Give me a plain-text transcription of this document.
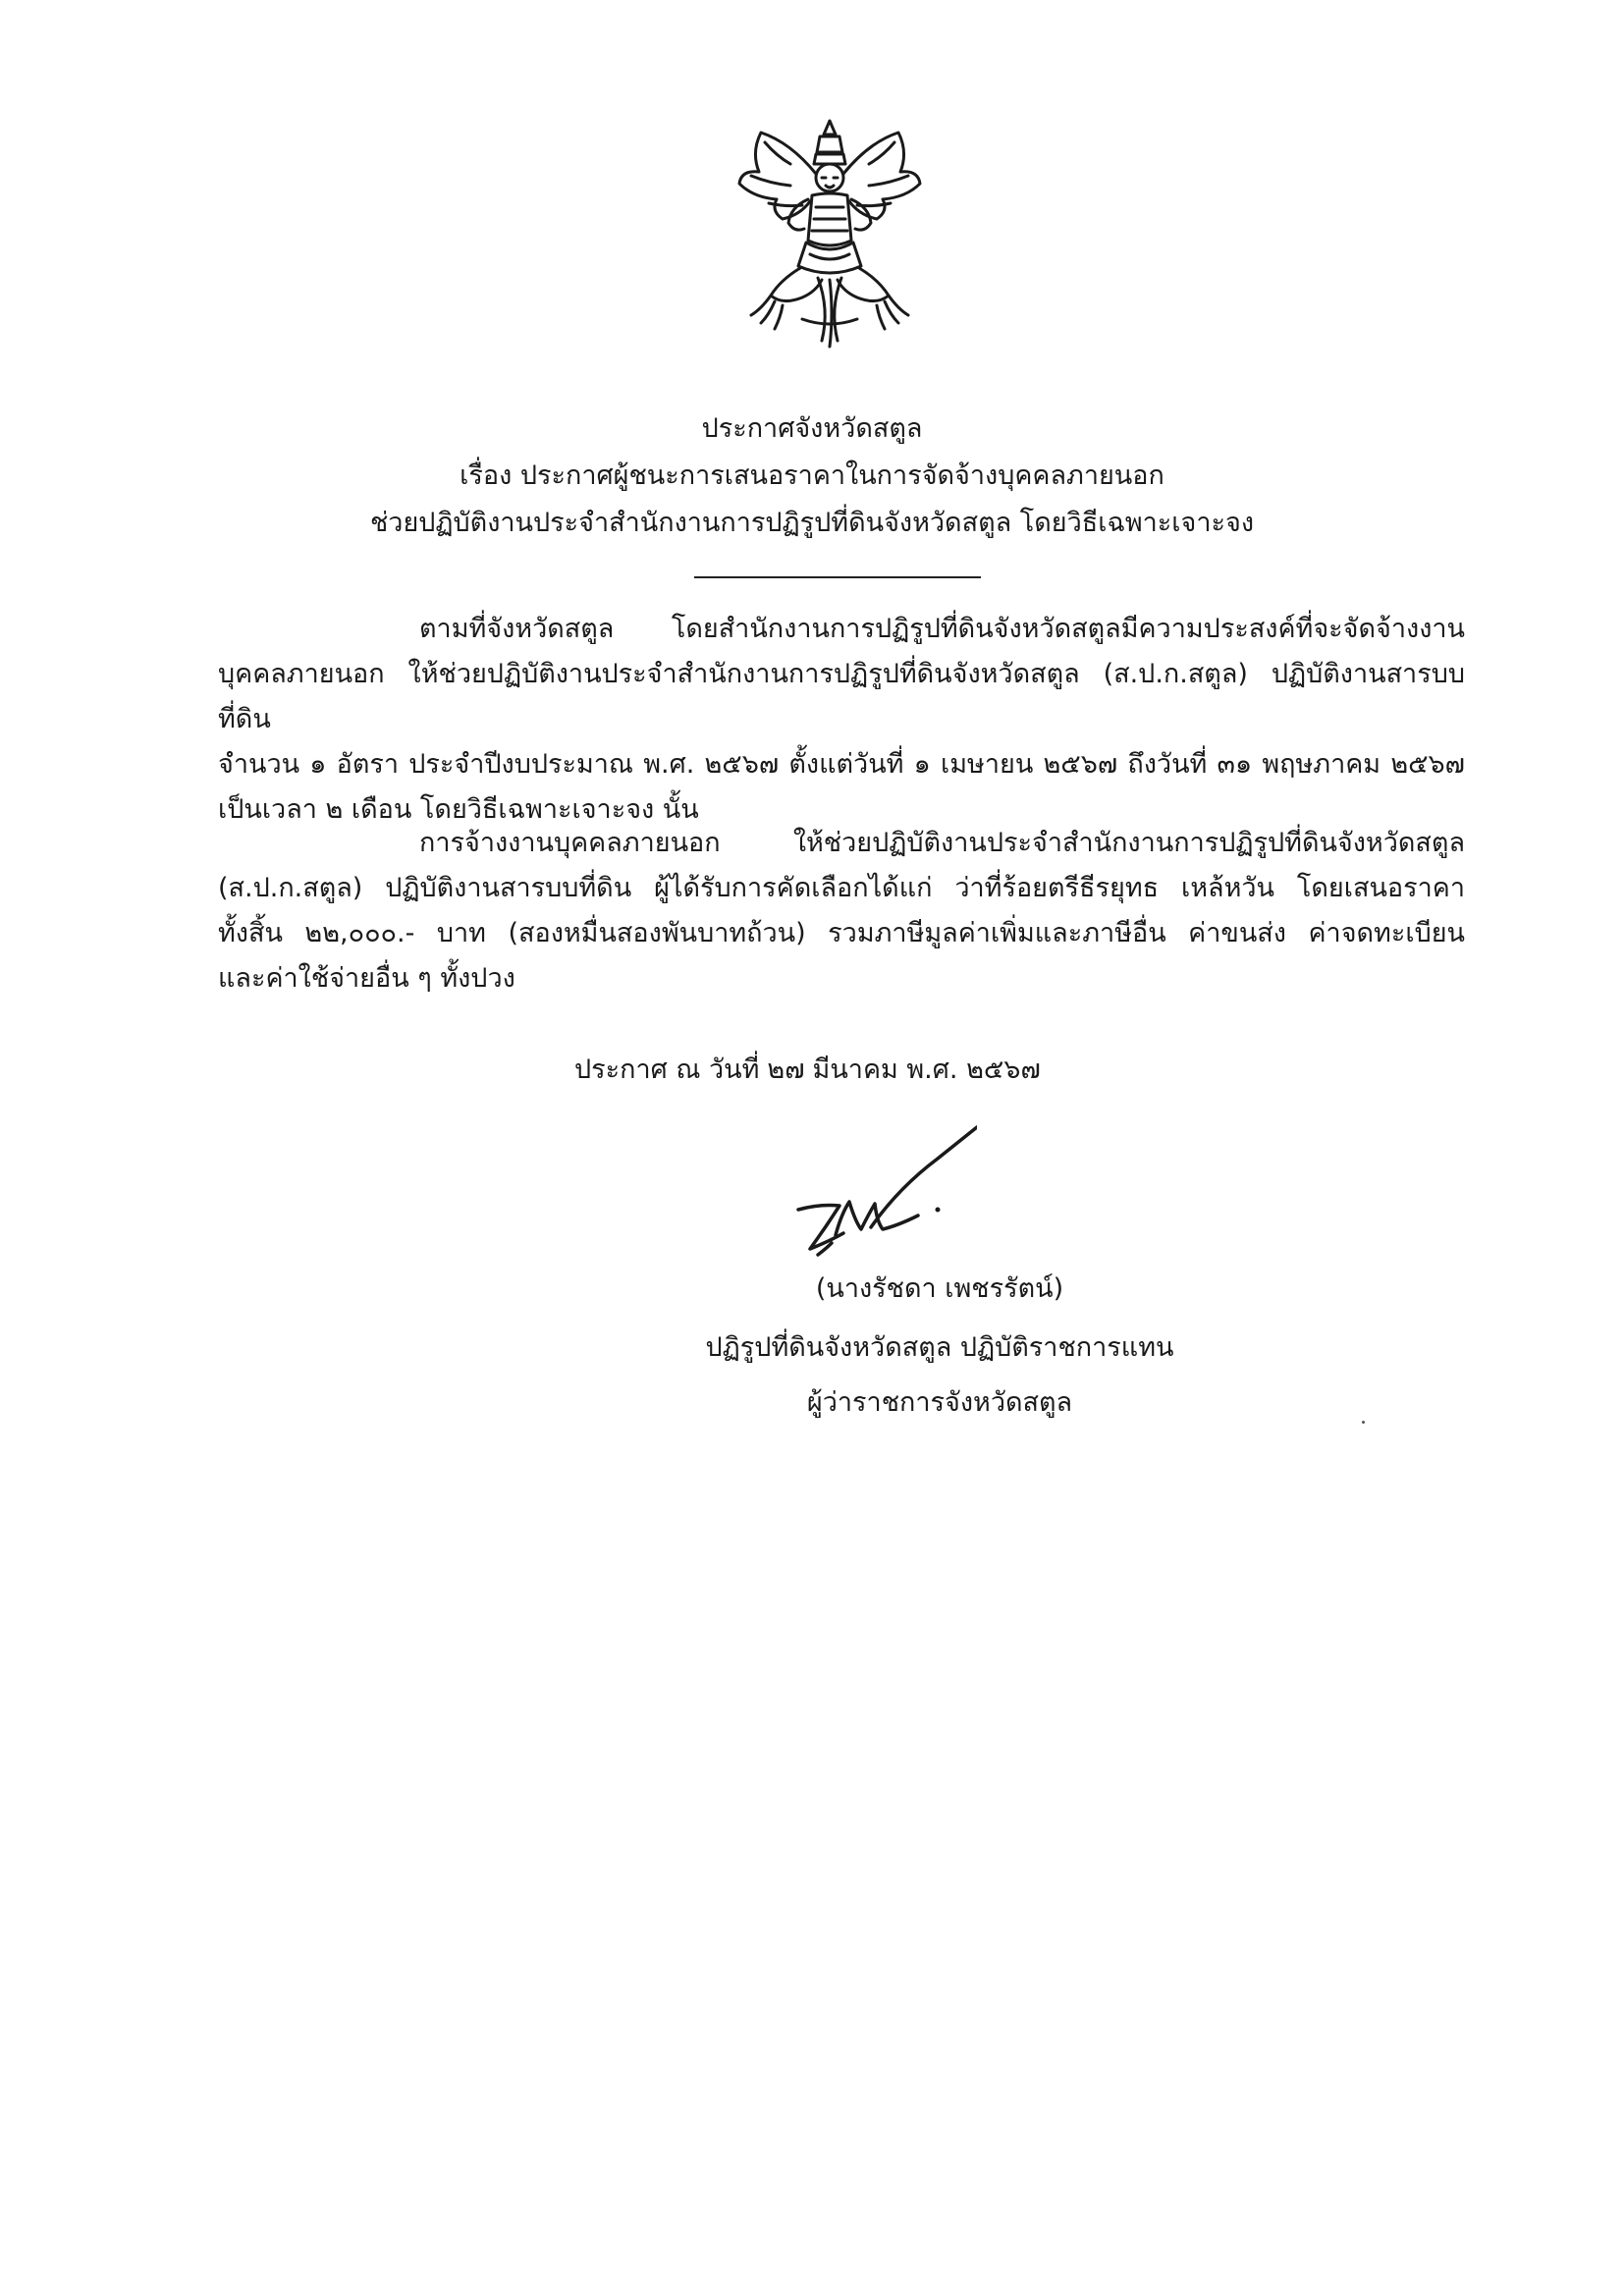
ประกาศจังหวัดสตูล
เรื่อง ประกาศผู้ชนะการเสนอราคาในการจัดจ้างบุคคลภายนอก
ช่วยปฏิบัติงานประจำสำนักงานการปฏิรูปที่ดินจังหวัดสตูล โดยวิธีเฉพาะเจาะจง
ตามที่จังหวัดสตูล โดยสำนักงานการปฏิรูปที่ดินจังหวัดสตูลมีความประสงค์ที่จะจัดจ้างงาน
บุคคลภายนอก ให้ช่วยปฏิบัติงานประจำสำนักงานการปฏิรูปที่ดินจังหวัดสตูล (ส.ป.ก.สตูล) ปฏิบัติงานสารบบที่ดิน
จำนวน ๑ อัตรา ประจำปีงบประมาณ พ.ศ. ๒๕๖๗ ตั้งแต่วันที่ ๑ เมษายน ๒๕๖๗ ถึงวันที่ ๓๑ พฤษภาคม ๒๕๖๗
เป็นเวลา ๒ เดือน โดยวิธีเฉพาะเจาะจง นั้น
การจ้างงานบุคคลภายนอก ให้ช่วยปฏิบัติงานประจำสำนักงานการปฏิรูปที่ดินจังหวัดสตูล
(ส.ป.ก.สตูล) ปฏิบัติงานสารบบที่ดิน ผู้ได้รับการคัดเลือกได้แก่ ว่าที่ร้อยตรีธีรยุทธ เหล้หวัน โดยเสนอราคา
ทั้งสิ้น ๒๒,๐๐๐.- บาท (สองหมื่นสองพันบาทถ้วน) รวมภาษีมูลค่าเพิ่มและภาษีอื่น ค่าขนส่ง ค่าจดทะเบียน
และค่าใช้จ่ายอื่น ๆ ทั้งปวง
ประกาศ ณ วันที่ ๒๗ มีนาคม พ.ศ. ๒๕๖๗
(นางรัชดา เพชรรัตน์)
ปฏิรูปที่ดินจังหวัดสตูล ปฏิบัติราชการแทน
ผู้ว่าราชการจังหวัดสตูล
